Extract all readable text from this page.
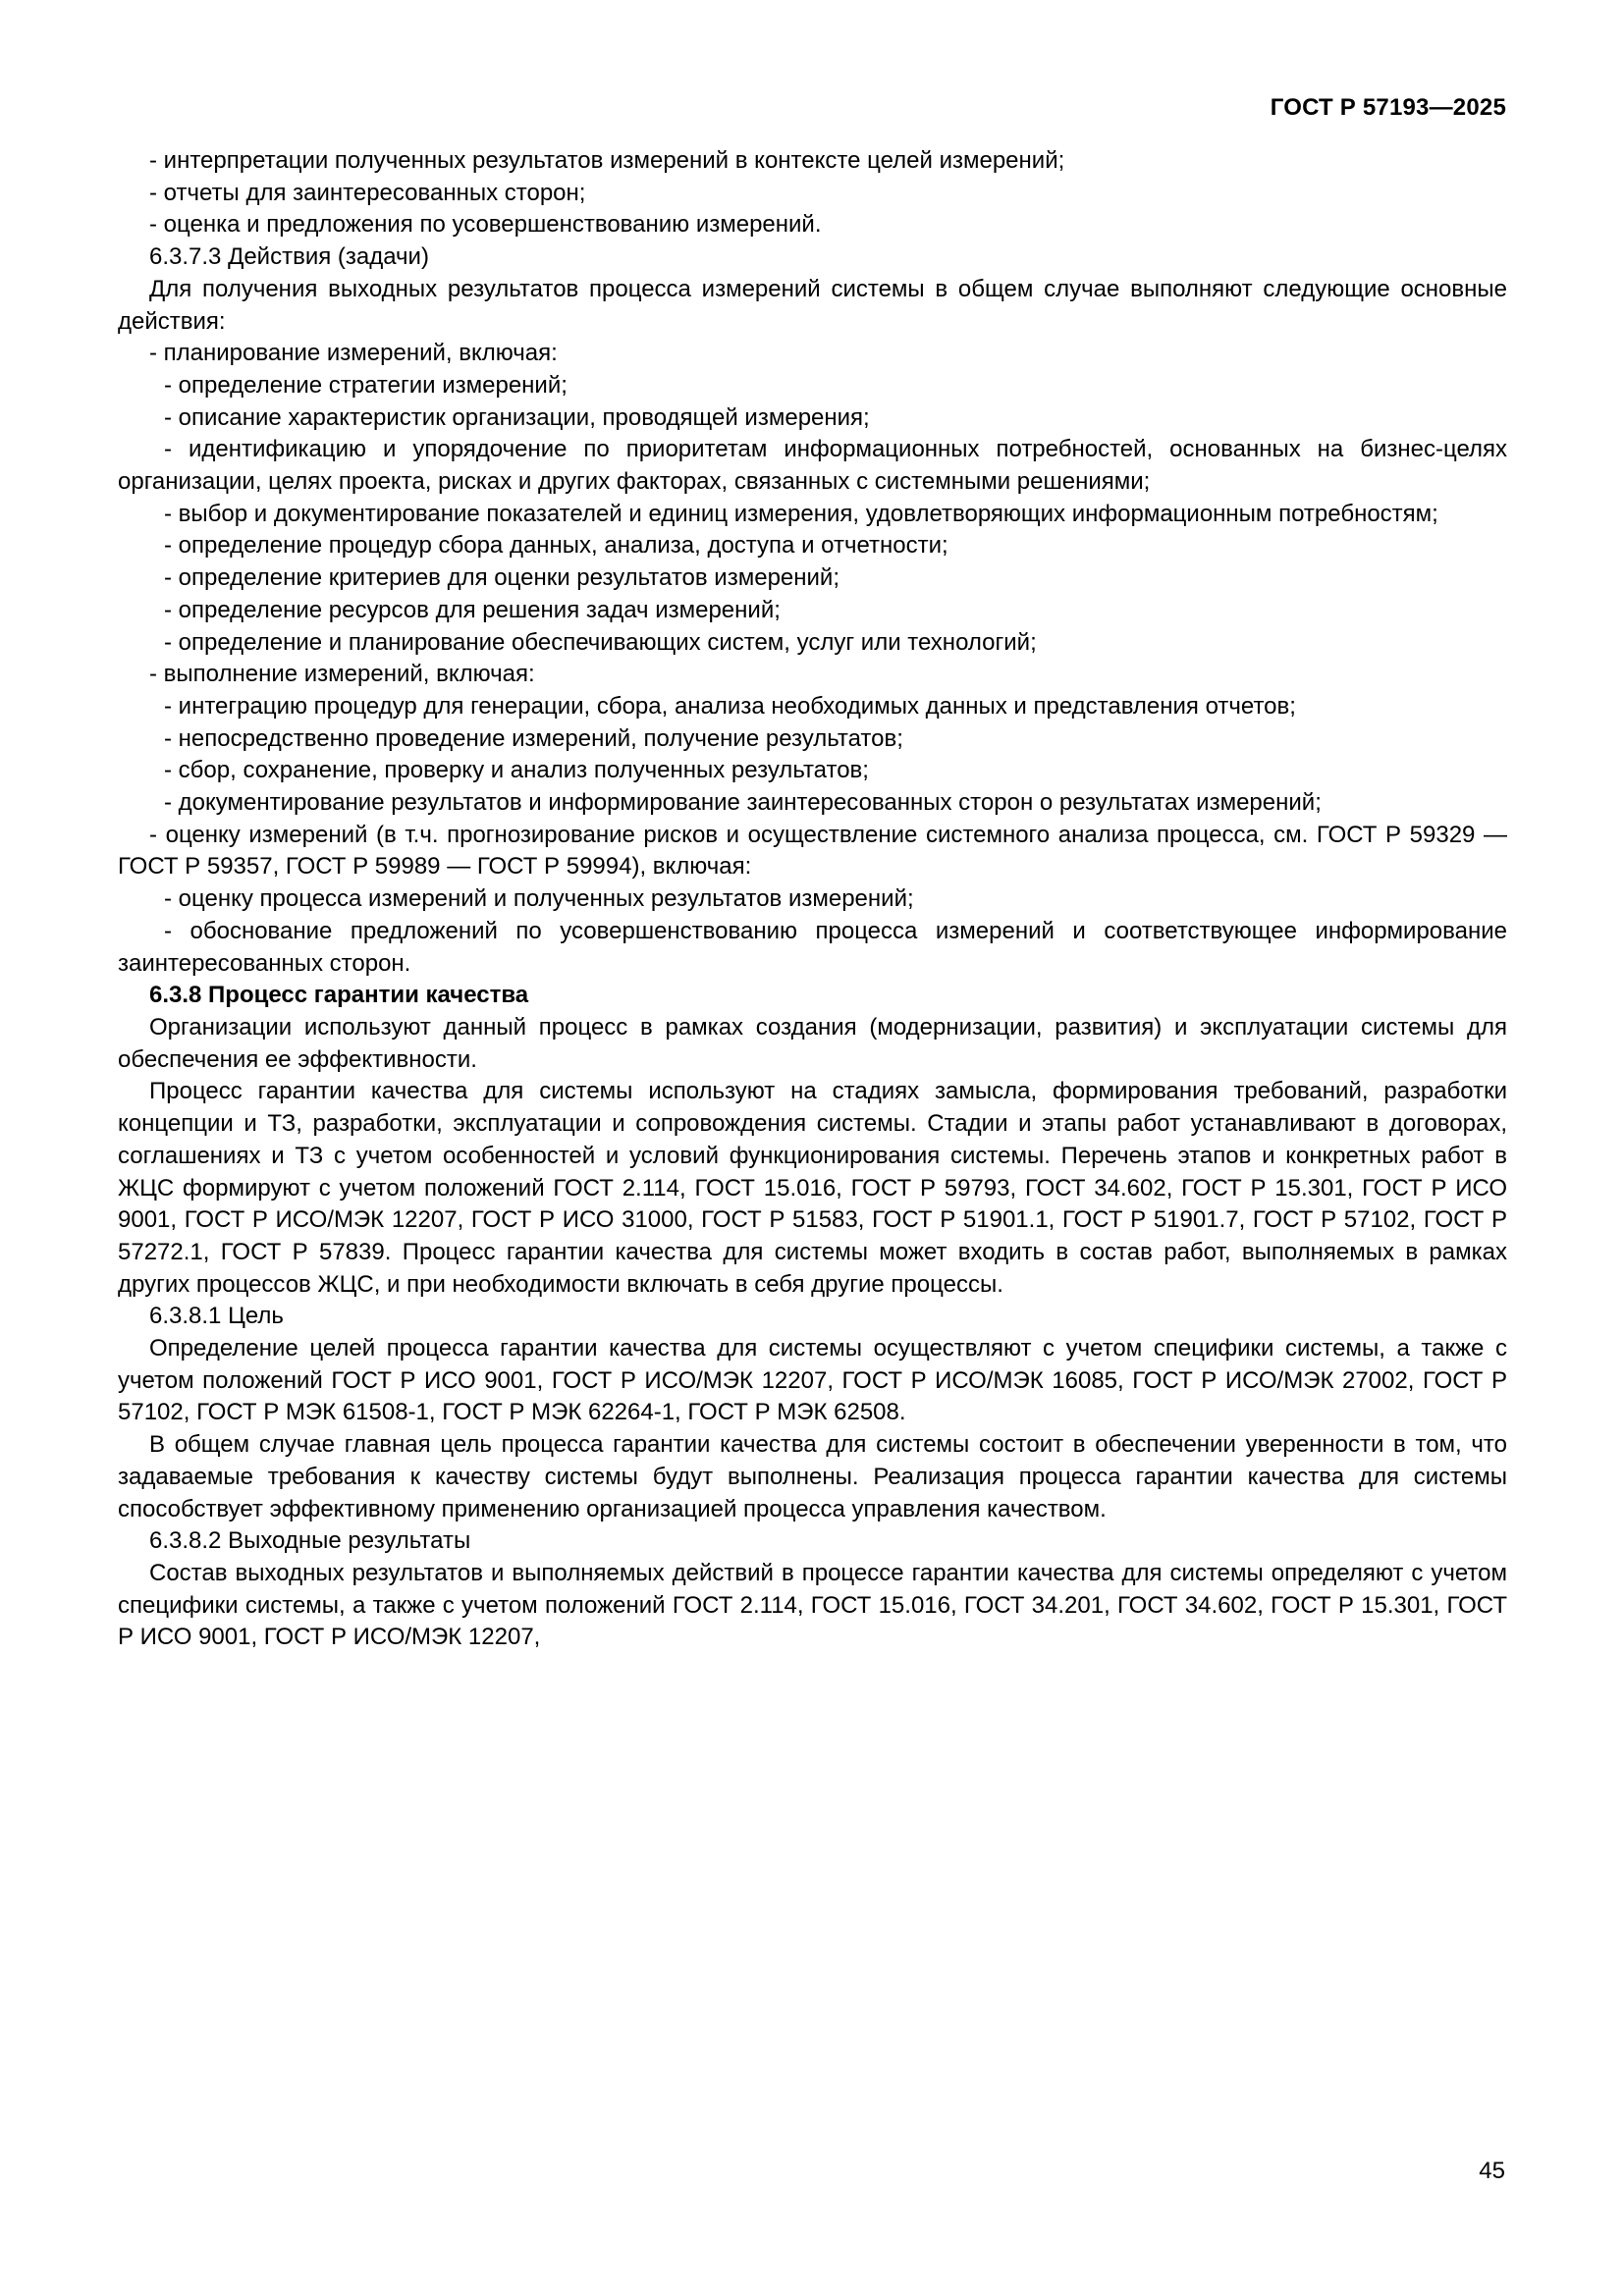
ГОСТ Р 57193—2025

- интерпретации полученных результатов измерений в контексте целей измерений;

- отчеты для заинтересованных сторон;

- оценка и предложения по усовершенствованию измерений.

6.3.7.3 Действия (задачи)

Для получения выходных результатов процесса измерений системы в общем случае выполняют следующие основные действия:

- планирование измерений, включая:

- определение стратегии измерений;

- описание характеристик организации, проводящей измерения;

- идентификацию и упорядочение по приоритетам информационных потребностей, основанных на бизнес-целях организации, целях проекта, рисках и других факторах, связанных с системными решениями;

- выбор и документирование показателей и единиц измерения, удовлетворяющих информационным потребностям;

- определение процедур сбора данных, анализа, доступа и отчетности;

- определение критериев для оценки результатов измерений;

- определение ресурсов для решения задач измерений;

- определение и планирование обеспечивающих систем, услуг или технологий;

- выполнение измерений, включая:

- интеграцию процедур для генерации, сбора, анализа необходимых данных и представления отчетов;

- непосредственно проведение измерений, получение результатов;

- сбор, сохранение, проверку и анализ полученных результатов;

- документирование результатов и информирование заинтересованных сторон о результатах измерений;

- оценку измерений (в т.ч. прогнозирование рисков и осуществление системного анализа процесса, см. ГОСТ Р 59329 — ГОСТ Р 59357, ГОСТ Р 59989 — ГОСТ Р 59994), включая:

- оценку процесса измерений и полученных результатов измерений;

- обоснование предложений по усовершенствованию процесса измерений и соответствующее информирование заинтересованных сторон.

6.3.8 Процесс гарантии качества

Организации используют данный процесс в рамках создания (модернизации, развития) и эксплуатации системы для обеспечения ее эффективности.

Процесс гарантии качества для системы используют на стадиях замысла, формирования требований, разработки концепции и ТЗ, разработки, эксплуатации и сопровождения системы. Стадии и этапы работ устанавливают в договорах, соглашениях и ТЗ с учетом особенностей и условий функционирования системы. Перечень этапов и конкретных работ в ЖЦС формируют с учетом положений ГОСТ 2.114, ГОСТ 15.016, ГОСТ Р 59793, ГОСТ 34.602, ГОСТ Р 15.301, ГОСТ Р ИСО 9001, ГОСТ Р ИСО/МЭК 12207, ГОСТ Р ИСО 31000, ГОСТ Р 51583, ГОСТ Р 51901.1, ГОСТ Р 51901.7, ГОСТ Р 57102, ГОСТ Р 57272.1, ГОСТ Р 57839. Процесс гарантии качества для системы может входить в состав работ, выполняемых в рамках других процессов ЖЦС, и при необходимости включать в себя другие процессы.

6.3.8.1 Цель

Определение целей процесса гарантии качества для системы осуществляют с учетом специфики системы, а также с учетом положений ГОСТ Р ИСО 9001, ГОСТ Р ИСО/МЭК 12207, ГОСТ Р ИСО/МЭК 16085, ГОСТ Р ИСО/МЭК 27002, ГОСТ Р 57102, ГОСТ Р МЭК 61508-1, ГОСТ Р МЭК 62264-1, ГОСТ Р МЭК 62508.

В общем случае главная цель процесса гарантии качества для системы состоит в обеспечении уверенности в том, что задаваемые требования к качеству системы будут выполнены. Реализация процесса гарантии качества для системы способствует эффективному применению организацией процесса управления качеством.

6.3.8.2 Выходные результаты

Состав выходных результатов и выполняемых действий в процессе гарантии качества для системы определяют с учетом специфики системы, а также с учетом положений ГОСТ 2.114, ГОСТ 15.016, ГОСТ 34.201, ГОСТ 34.602, ГОСТ Р 15.301, ГОСТ Р ИСО 9001, ГОСТ Р ИСО/МЭК 12207,

45
